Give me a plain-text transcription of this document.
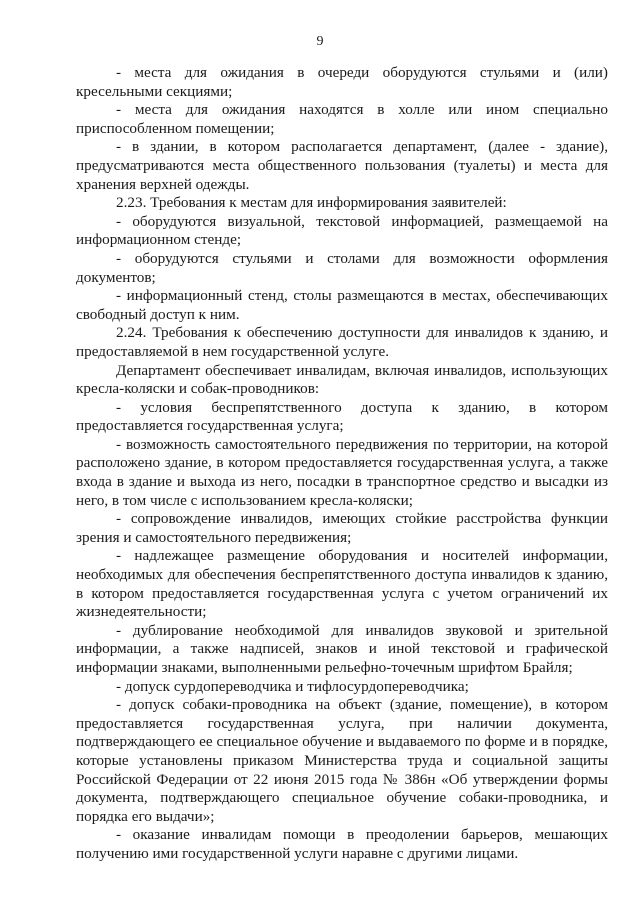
9

- места для ожидания в очереди оборудуются стульями и (или) кресельными секциями;

- места для ожидания находятся в холле или ином специально приспособленном помещении;

- в здании, в котором располагается департамент, (далее - здание), предусматриваются места общественного пользования (туалеты) и места для хранения верхней одежды.

2.23. Требования к местам для информирования заявителей:

- оборудуются визуальной, текстовой информацией, размещаемой на информационном стенде;

- оборудуются стульями и столами для возможности оформления документов;

- информационный стенд, столы размещаются в местах, обеспечивающих свободный доступ к ним.

2.24. Требования к обеспечению доступности для инвалидов к зданию, и предоставляемой в нем государственной услуге.

Департамент обеспечивает инвалидам, включая инвалидов, использующих кресла-коляски и собак-проводников:

- условия беспрепятственного доступа к зданию, в котором предоставляется государственная услуга;

- возможность самостоятельного передвижения по территории, на которой расположено здание, в котором предоставляется государственная услуга, а также входа в здание и выхода из него, посадки в транспортное средство и высадки из него, в том числе с использованием кресла-коляски;

- сопровождение инвалидов, имеющих стойкие расстройства функции зрения и самостоятельного передвижения;

- надлежащее размещение оборудования и носителей информации, необходимых для обеспечения беспрепятственного доступа инвалидов к зданию, в котором предоставляется государственная услуга с учетом ограничений их жизнедеятельности;

- дублирование необходимой для инвалидов звуковой и зрительной информации, а также надписей, знаков и иной текстовой и графической информации знаками, выполненными рельефно-точечным шрифтом Брайля;

- допуск сурдопереводчика и тифлосурдопереводчика;

- допуск собаки-проводника на объект (здание, помещение), в котором предоставляется государственная услуга, при наличии документа, подтверждающего ее специальное обучение и выдаваемого по форме и в порядке, которые установлены приказом Министерства труда и социальной защиты Российской Федерации от 22 июня 2015 года № 386н «Об утверждении формы документа, подтверждающего специальное обучение собаки-проводника, и порядка его выдачи»;

- оказание инвалидам помощи в преодолении барьеров, мешающих получению ими государственной услуги наравне с другими лицами.
